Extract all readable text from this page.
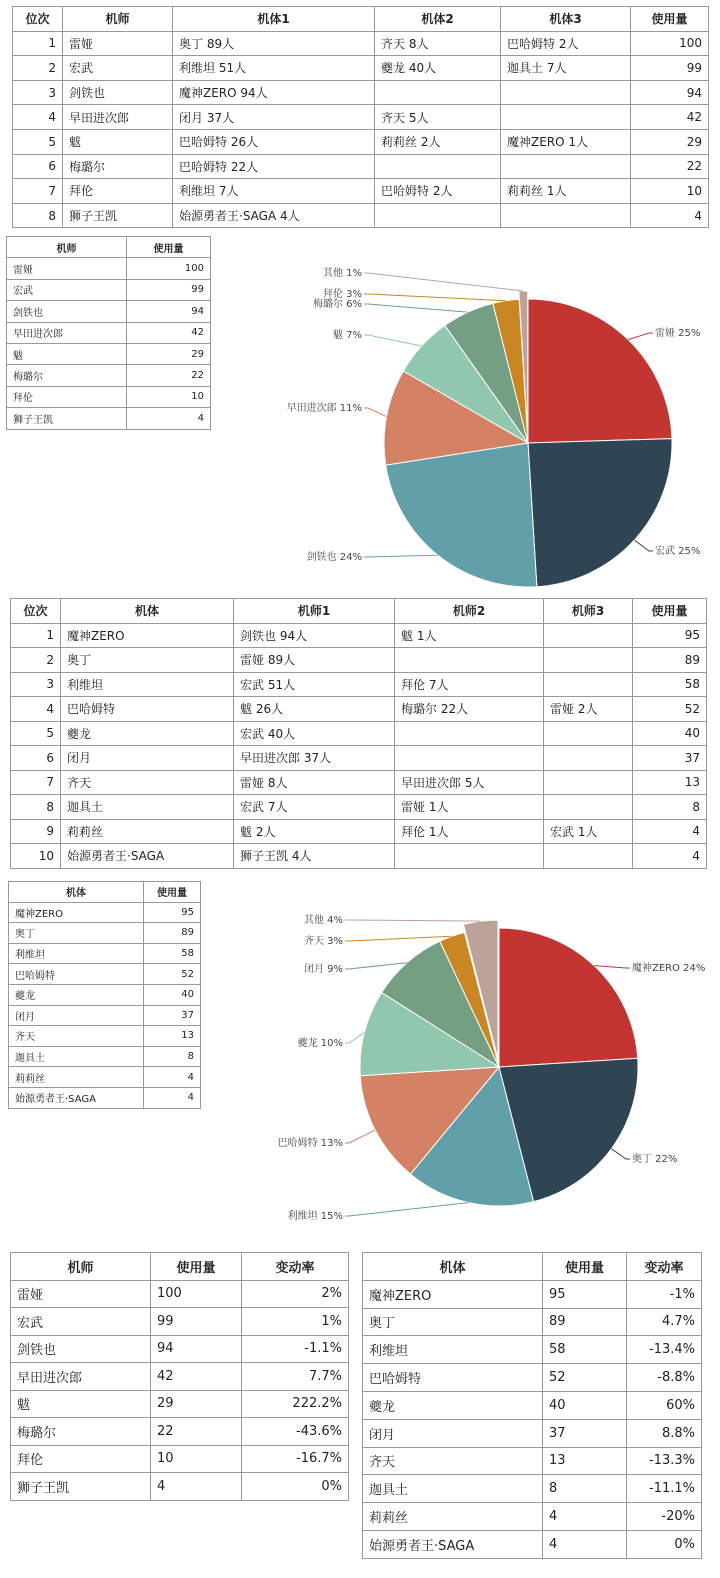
位次	机师	机体1	机体2	机体3	使用量
1	雷娅	奥丁 89人	齐天 8人	巴哈姆特 2人	100
2	宏武	利维坦 51人	夔龙 40人	迦具土 7人	99
3	剑铁也	魔神ZERO 94人			94
4	早田进次郎	闭月 37人	齐天 5人		42
5	魃	巴哈姆特 26人	莉莉丝 2人	魔神ZERO 1人	29
6	梅璐尔	巴哈姆特 22人			22
7	拜伦	利维坦 7人	巴哈姆特 2人	莉莉丝 1人	10
8	狮子王凯	始源勇者王·SAGA 4人			4
机师	使用量
雷娅	100
宏武	99
剑铁也	94
早田进次郎	42
魃	29
梅璐尔	22
拜伦	10
狮子王凯	4
雷娅 25%
宏武 25%
剑铁也 24%
早田进次郎 11%
魃 7%
梅璐尔 6%
拜伦 3%
其他 1%
位次	机体	机师1	机师2	机师3	使用量
1	魔神ZERO	剑铁也 94人	魃 1人		95
2	奥丁	雷娅 89人			89
3	利维坦	宏武 51人	拜伦 7人		58
4	巴哈姆特	魃 26人	梅璐尔 22人	雷娅 2人	52
5	夔龙	宏武 40人			40
6	闭月	早田进次郎 37人			37
7	齐天	雷娅 8人	早田进次郎 5人		13
8	迦具土	宏武 7人	雷娅 1人		8
9	莉莉丝	魃 2人	拜伦 1人	宏武 1人	4
10	始源勇者王·SAGA	狮子王凯 4人			4
机体	使用量
魔神ZERO	95
奥丁	89
利维坦	58
巴哈姆特	52
夔龙	40
闭月	37
齐天	13
迦具土	8
莉莉丝	4
始源勇者王·SAGA	4
魔神ZERO 24%
奥丁 22%
利维坦 15%
巴哈姆特 13%
夔龙 10%
闭月 9%
齐天 3%
其他 4%
机师	使用量	变动率
雷娅	100	2%
宏武	99	1%
剑铁也	94	-1.1%
早田进次郎	42	7.7%
魃	29	222.2%
梅璐尔	22	-43.6%
拜伦	10	-16.7%
狮子王凯	4	0%
机体	使用量	变动率
魔神ZERO	95	-1%
奥丁	89	4.7%
利维坦	58	-13.4%
巴哈姆特	52	-8.8%
夔龙	40	60%
闭月	37	8.8%
齐天	13	-13.3%
迦具土	8	-11.1%
莉莉丝	4	-20%
始源勇者王·SAGA	4	0%
